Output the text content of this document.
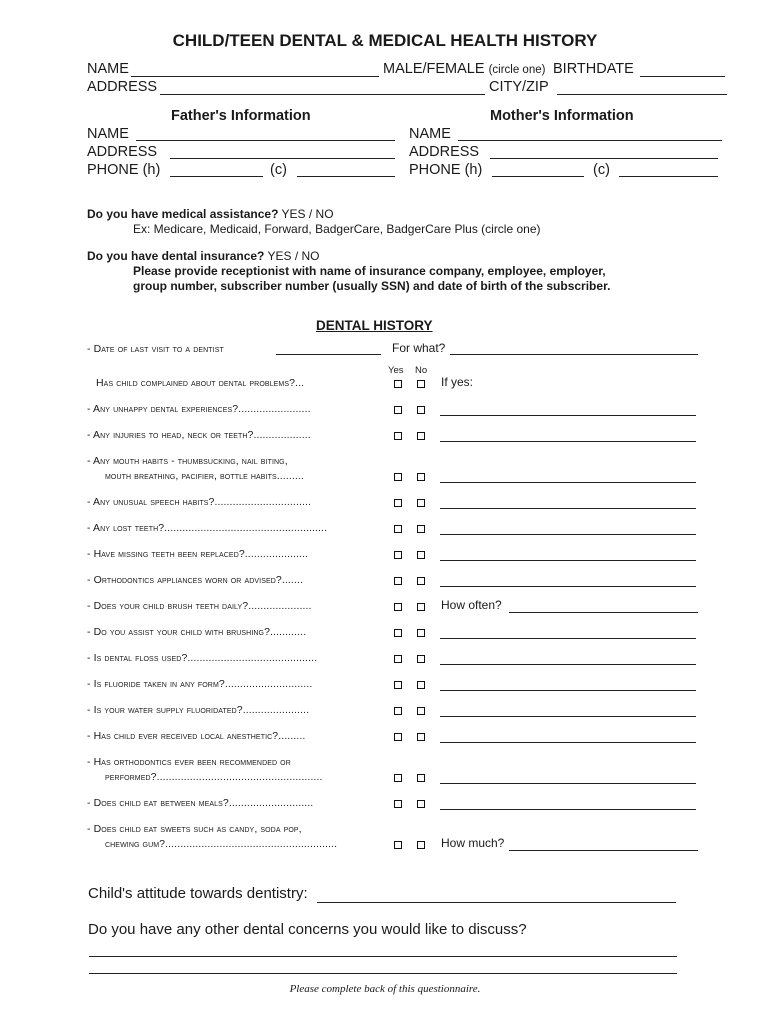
CHILD/TEEN DENTAL & MEDICAL HEALTH HISTORY
NAME	MALE/FEMALE (circle one) BIRTHDATE
ADDRESS	CITY/ZIP
Father's Information
NAME
ADDRESS
PHONE (h)	(c)
Mother's Information
NAME
ADDRESS
PHONE (h)	(c)
Do you have medical assistance? YES / NO
Ex: Medicare, Medicaid, Forward, BadgerCare, BadgerCare Plus (circle one)
Do you have dental insurance? YES / NO
Please provide receptionist with name of insurance company, employee, employer,
group number, subscriber number (usually SSN) and date of birth of the subscriber.
DENTAL HISTORY
- Date of last visit to a dentist	For what?
Yes No
Has child complained about dental problems?...	If yes:
- Any unhappy dental experiences?........................
- Any injuries to head, neck or teeth?...................
- Any mouth habits - thumbsucking, nail biting,
mouth breathing, pacifier, bottle habits.........
- Any unusual speech habits?................................
- Any lost teeth?......................................................
- Have missing teeth been replaced?.....................
- Orthodontics appliances worn or advised?.......
- Does your child brush teeth daily?.....................	How often?
- Do you assist your child with brushing?............
- Is dental floss used?...........................................
- Is fluoride taken in any form?.............................
- Is your water supply fluoridated?......................
- Has child ever received local anesthetic?.........
- Has orthodontics ever been recommended or
performed?.......................................................
- Does child eat between meals?............................
- Does child eat sweets such as candy, soda pop,
chewing gum?.........................................................	How much?
Child's attitude towards dentistry:
Do you have any other dental concerns you would like to discuss?
Please complete back of this questionnaire.
